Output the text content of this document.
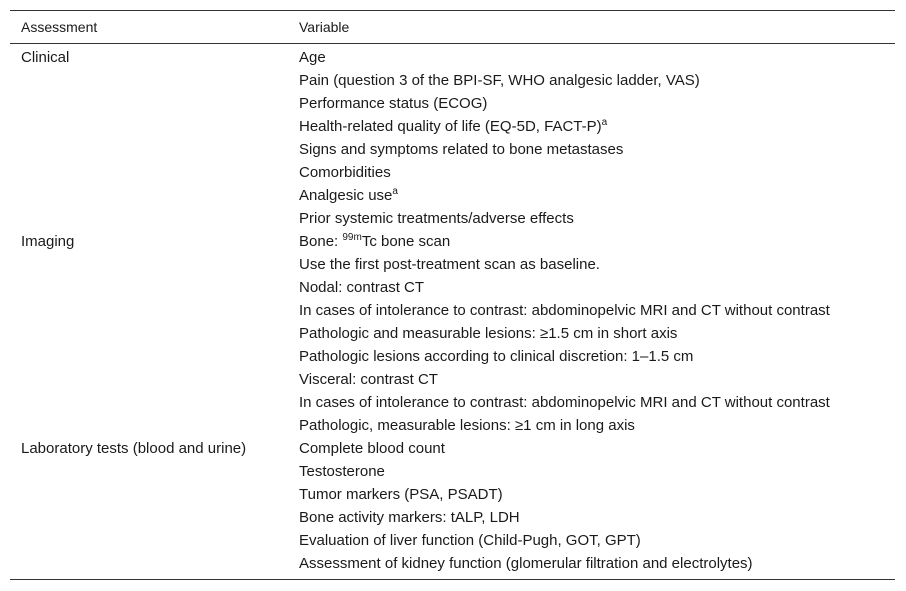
Assessment	Variable
Clinical	Age
Pain (question 3 of the BPI-SF, WHO analgesic ladder, VAS)
Performance status (ECOG)
Health-related quality of life (EQ-5D, FACT-P)$^a$
Signs and symptoms related to bone metastases
Comorbidities
Analgesic use$^a$
Prior systemic treatments/adverse effects
Imaging	Bone: $^{99m}$Tc bone scan
Use the first post-treatment scan as baseline.
Nodal: contrast CT
In cases of intolerance to contrast: abdominopelvic MRI and CT without contrast
Pathologic and measurable lesions: ≥1.5 cm in short axis
Pathologic lesions according to clinical discretion: 1–1.5 cm
Visceral: contrast CT
In cases of intolerance to contrast: abdominopelvic MRI and CT without contrast
Pathologic, measurable lesions: ≥1 cm in long axis
Laboratory tests (blood and urine)	Complete blood count
Testosterone
Tumor markers (PSA, PSADT)
Bone activity markers: tALP, LDH
Evaluation of liver function (Child-Pugh, GOT, GPT)
Assessment of kidney function (glomerular filtration and electrolytes)
